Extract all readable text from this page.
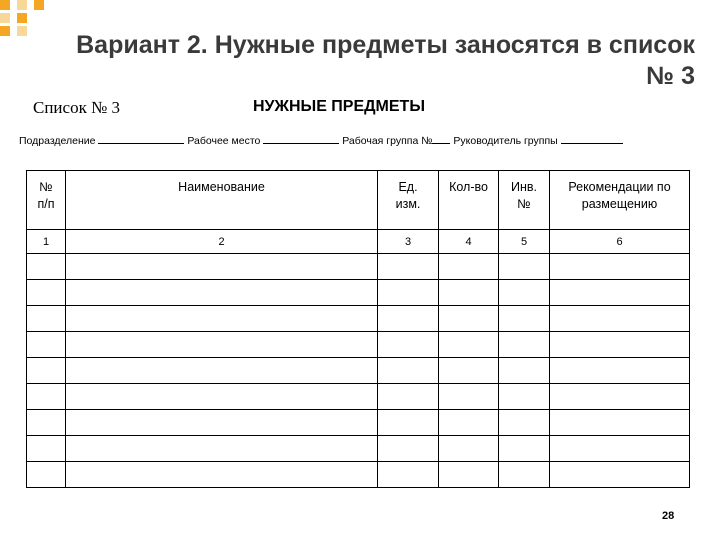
Вариант 2. Нужные предметы заносятся в список № 3
Список № 3	НУЖНЫЕ ПРЕДМЕТЫ
Подразделение	Рабочее место	Рабочая группа № Руководитель группы
№ п/п	Наименование	Ед. изм.	Кол-во	Инв. №	Рекомендации по размещению
1	2	3	4	5	6

28
